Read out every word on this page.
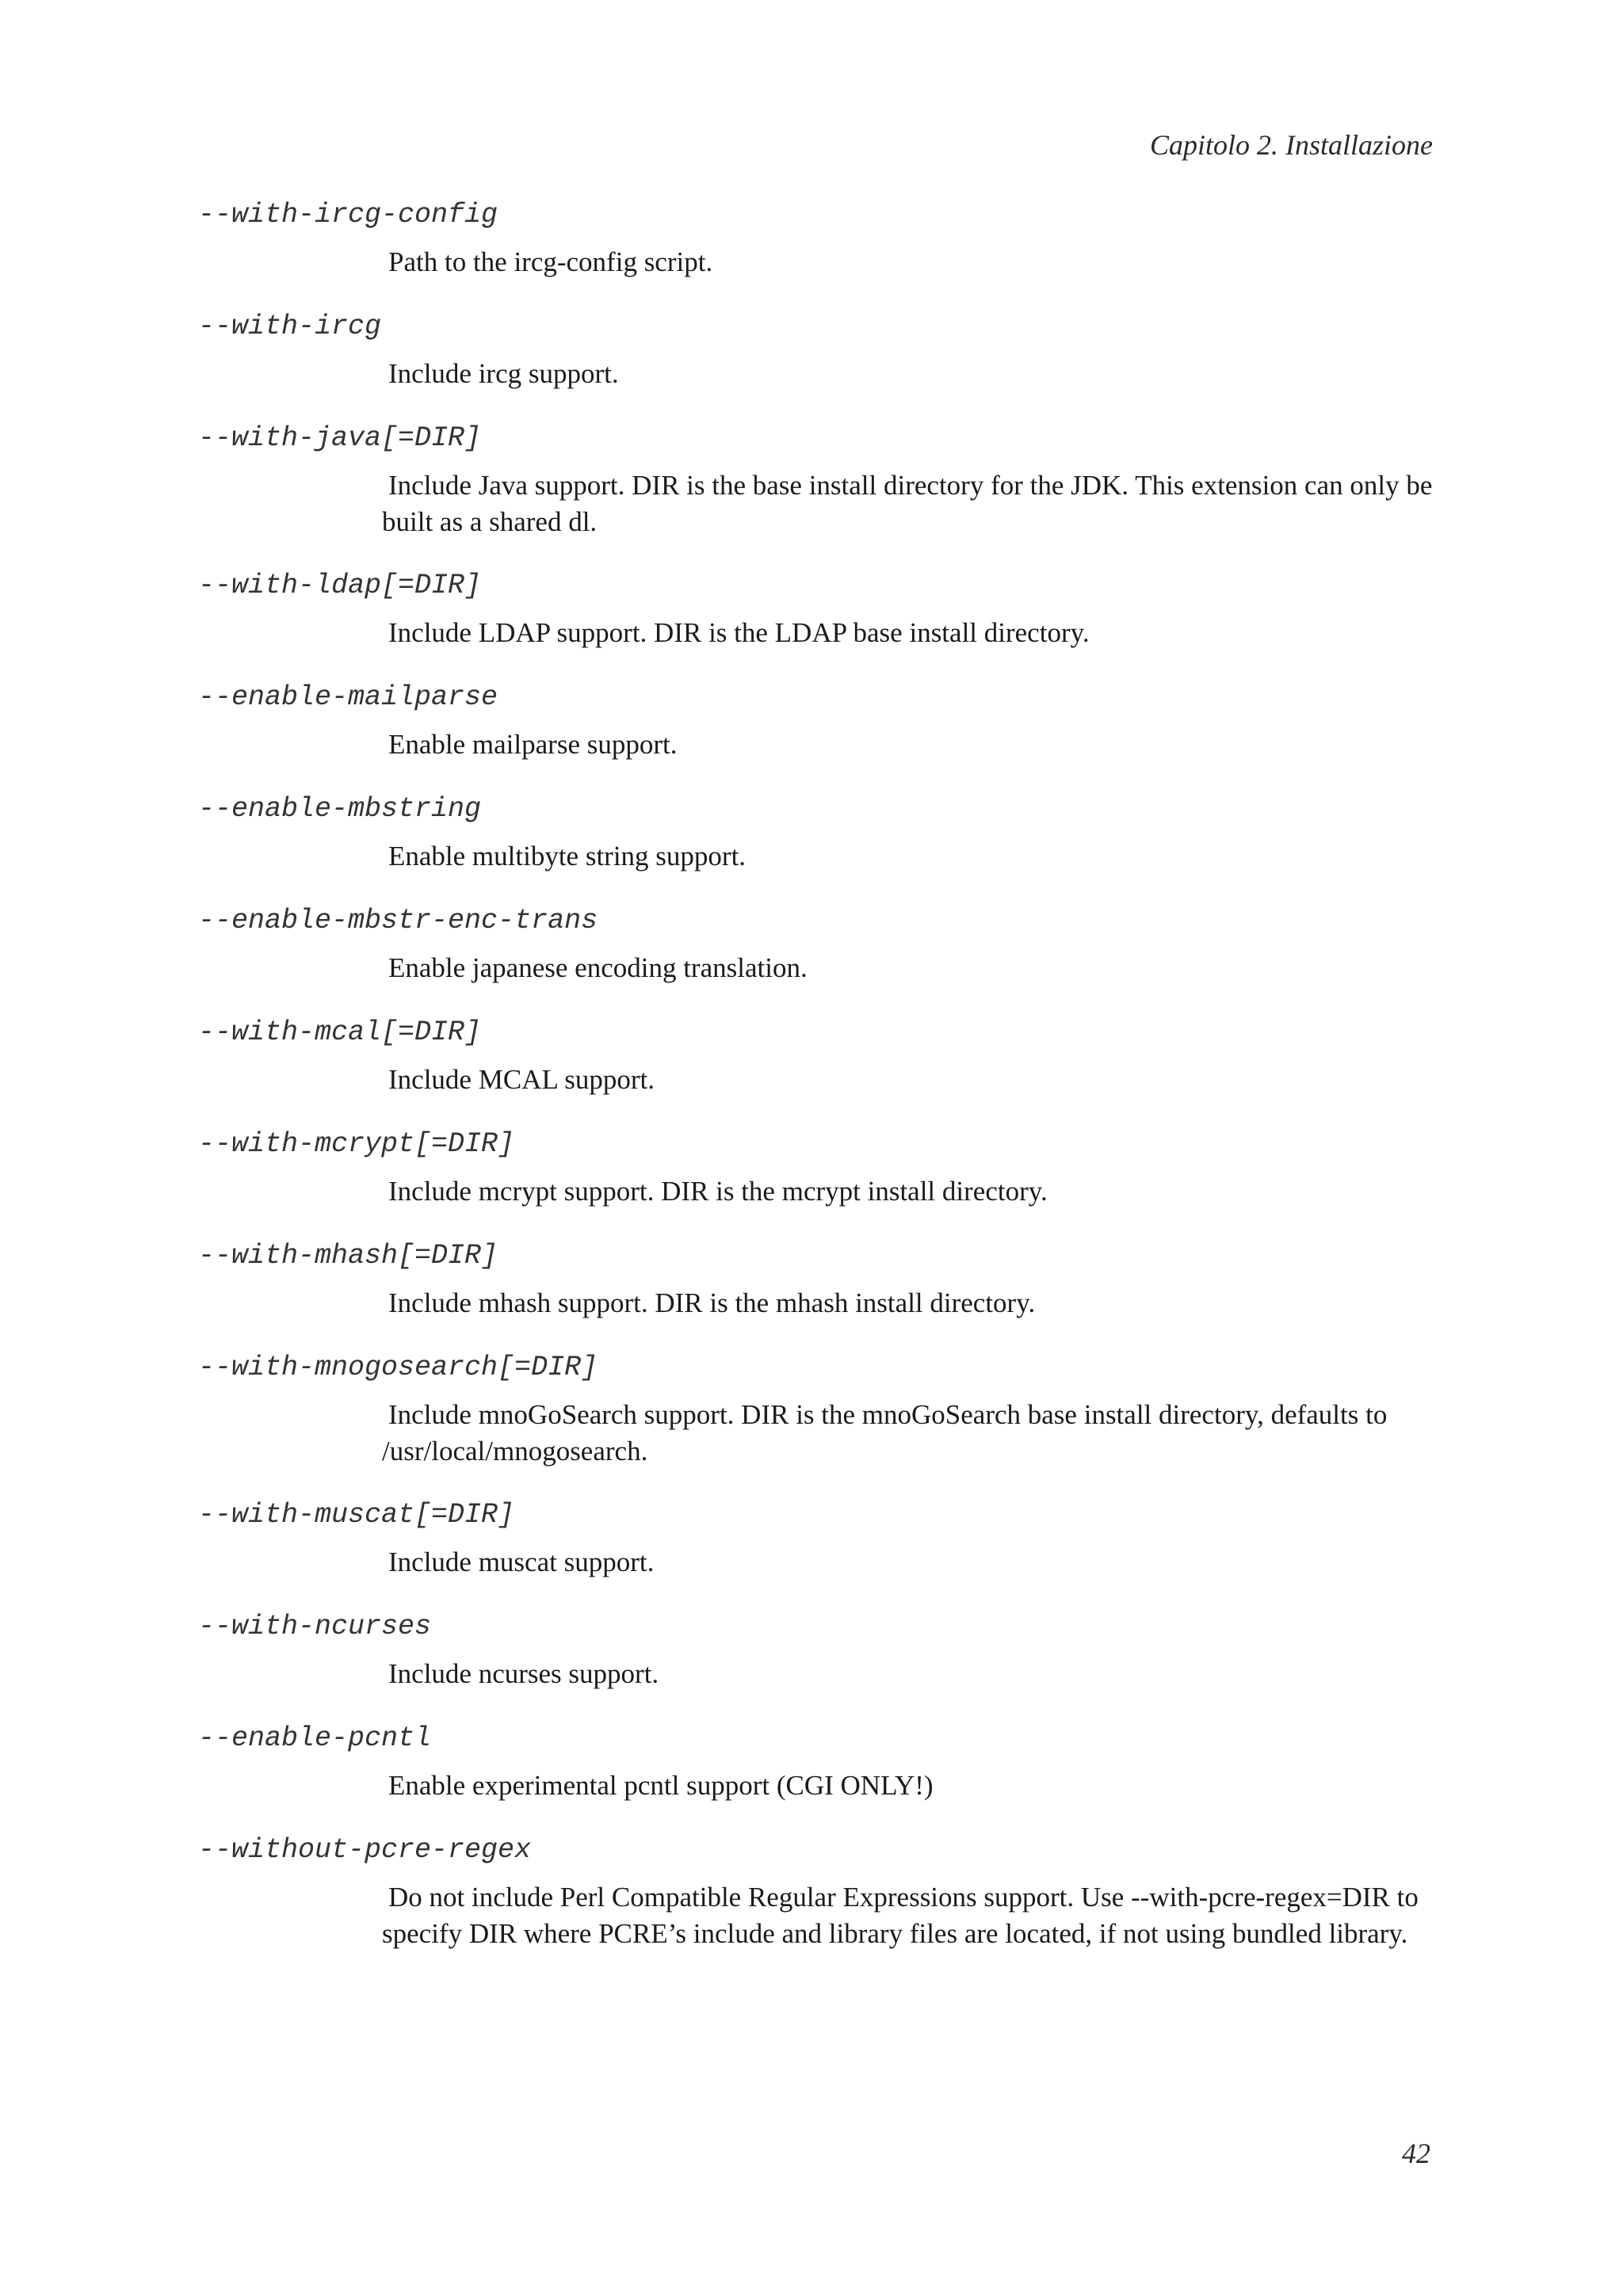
Capitolo 2. Installazione
--with-ircg-config
Path to the ircg-config script.
--with-ircg
Include ircg support.
--with-java[=DIR]
Include Java support. DIR is the base install directory for the JDK. This extension can only be built as a shared dl.
--with-ldap[=DIR]
Include LDAP support. DIR is the LDAP base install directory.
--enable-mailparse
Enable mailparse support.
--enable-mbstring
Enable multibyte string support.
--enable-mbstr-enc-trans
Enable japanese encoding translation.
--with-mcal[=DIR]
Include MCAL support.
--with-mcrypt[=DIR]
Include mcrypt support. DIR is the mcrypt install directory.
--with-mhash[=DIR]
Include mhash support. DIR is the mhash install directory.
--with-mnogosearch[=DIR]
Include mnoGoSearch support. DIR is the mnoGoSearch base install directory, defaults to /usr/local/mnogosearch.
--with-muscat[=DIR]
Include muscat support.
--with-ncurses
Include ncurses support.
--enable-pcntl
Enable experimental pcntl support (CGI ONLY!)
--without-pcre-regex
Do not include Perl Compatible Regular Expressions support. Use --with-pcre-regex=DIR to specify DIR where PCRE’s include and library files are located, if not using bundled library.
42
